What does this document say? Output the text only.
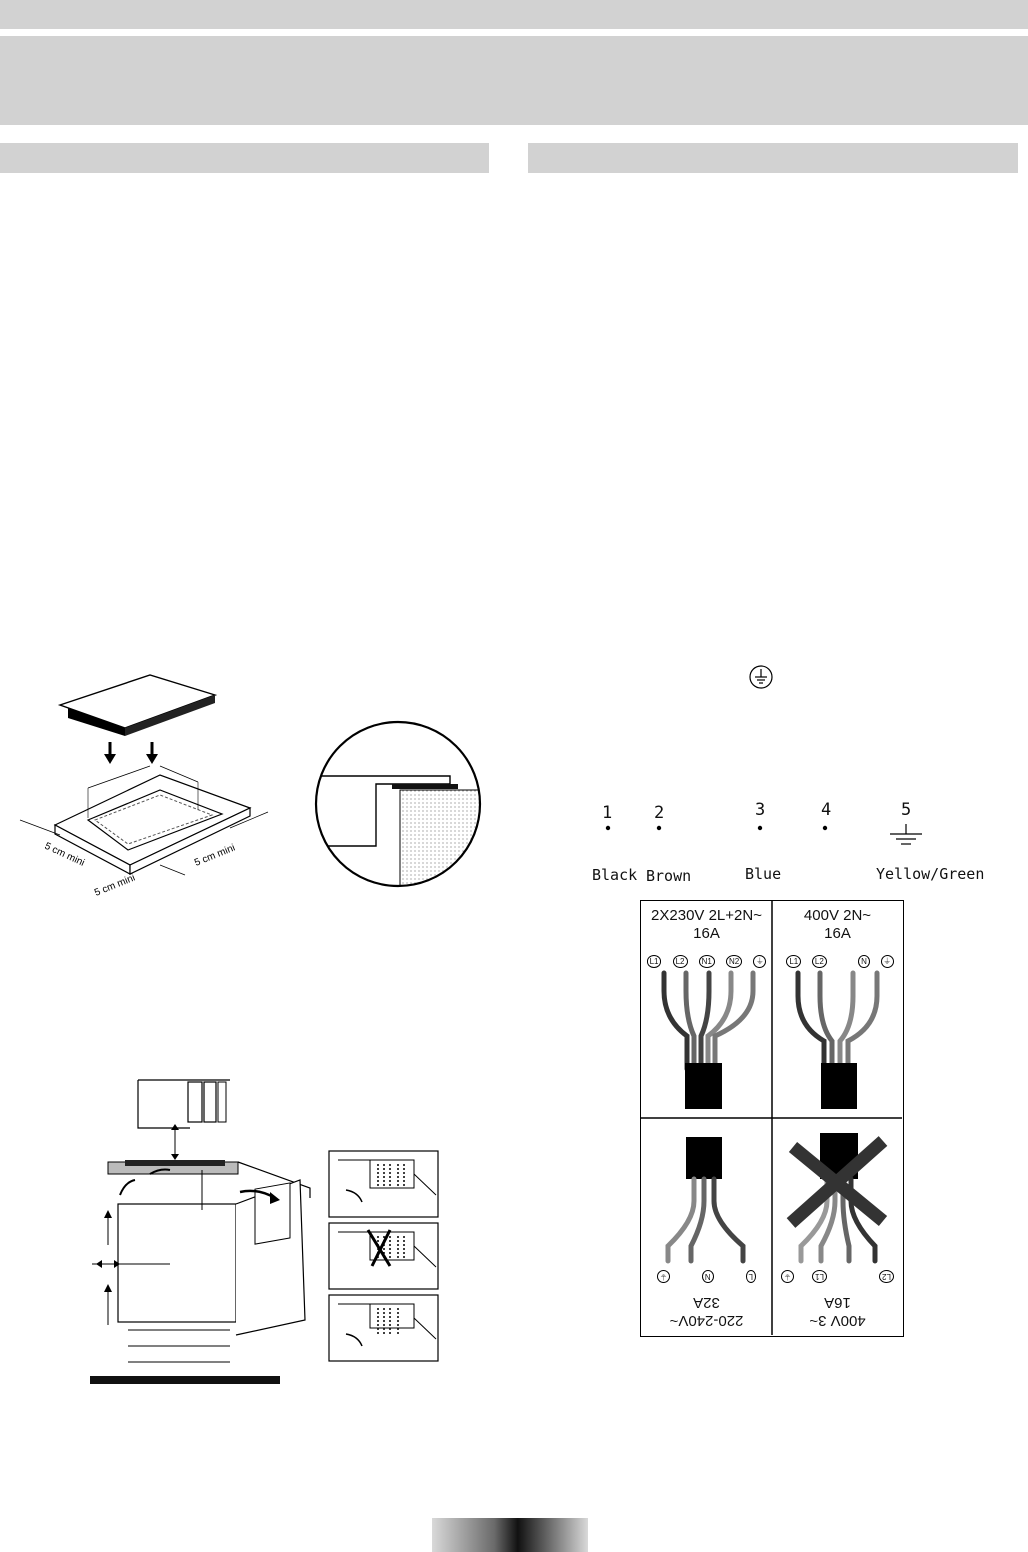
5 cm mini
5 cm mini
5 cm mini
1 2	3	4	5
Black Brown	Blue	Yellow/Green
2X230V 2L+2N~
16A
L1	L2	N1	N2	⏚
400V 2N~
16A
L1	L2	N	⏚
220-240V~
32A
L
N
⏚
400V 3~
16A
L2
L1
⏚
